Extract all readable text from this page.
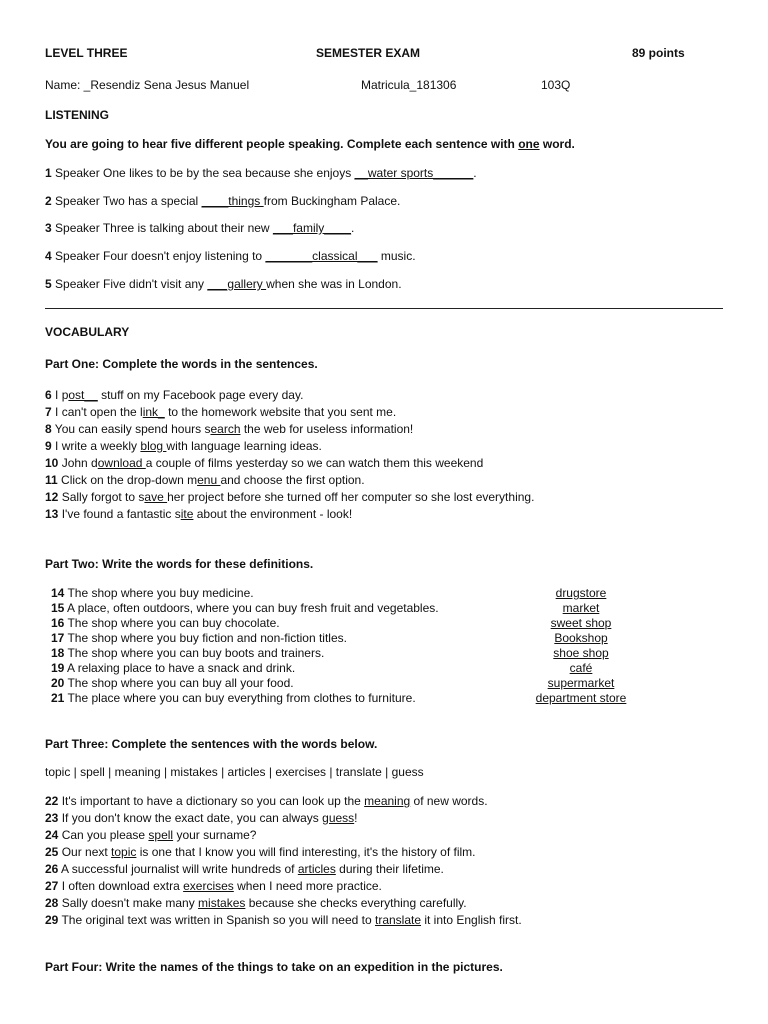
LEVEL THREE	SEMESTER EXAM	89 points
Name: _Resendiz Sena Jesus Manuel	Matricula_181306	103Q
LISTENING
You are going to hear five different people speaking. Complete each sentence with one word.
1 Speaker One likes to be by the sea because she enjoys __water sports______.
2 Speaker Two has a special ____things from Buckingham Palace.
3 Speaker Three is talking about their new ___family____.
4 Speaker Four doesn't enjoy listening to _______classical___ music.
5 Speaker Five didn't visit any ___gallery when she was in London.
VOCABULARY
Part One: Complete the words in the sentences.
6 I post__ stuff on my Facebook page every day.
7 I can't open the link_ to the homework website that you sent me.
8 You can easily spend hours search the web for useless information!
9 I write a weekly blog with language learning ideas.
10 John download a couple of films yesterday so we can watch them this weekend
11 Click on the drop-down menu and choose the first option.
12 Sally forgot to save her project before she turned off her computer so she lost everything.
13 I've found a fantastic site about the environment - look!
Part Two: Write the words for these definitions.
14 The shop where you buy medicine.	drugstore
15 A place, often outdoors, where you can buy fresh fruit and vegetables.	market
16 The shop where you can buy chocolate.	sweet shop
17 The shop where you buy fiction and non-fiction titles.	Bookshop
18 The shop where you can buy boots and trainers.	shoe shop
19 A relaxing place to have a snack and drink.	café
20 The shop where you can buy all your food.	supermarket
21 The place where you can buy everything from clothes to furniture.	department store
Part Three: Complete the sentences with the words below.
topic | spell | meaning | mistakes | articles | exercises | translate | guess
22 It's important to have a dictionary so you can look up the meaning of new words.
23 If you don't know the exact date, you can always guess!
24 Can you please spell your surname?
25 Our next topic is one that I know you will find interesting, it's the history of film.
26 A successful journalist will write hundreds of articles during their lifetime.
27 I often download extra exercises when I need more practice.
28 Sally doesn't make many mistakes because she checks everything carefully.
29 The original text was written in Spanish so you will need to translate it into English first.
Part Four: Write the names of the things to take on an expedition in the pictures.
